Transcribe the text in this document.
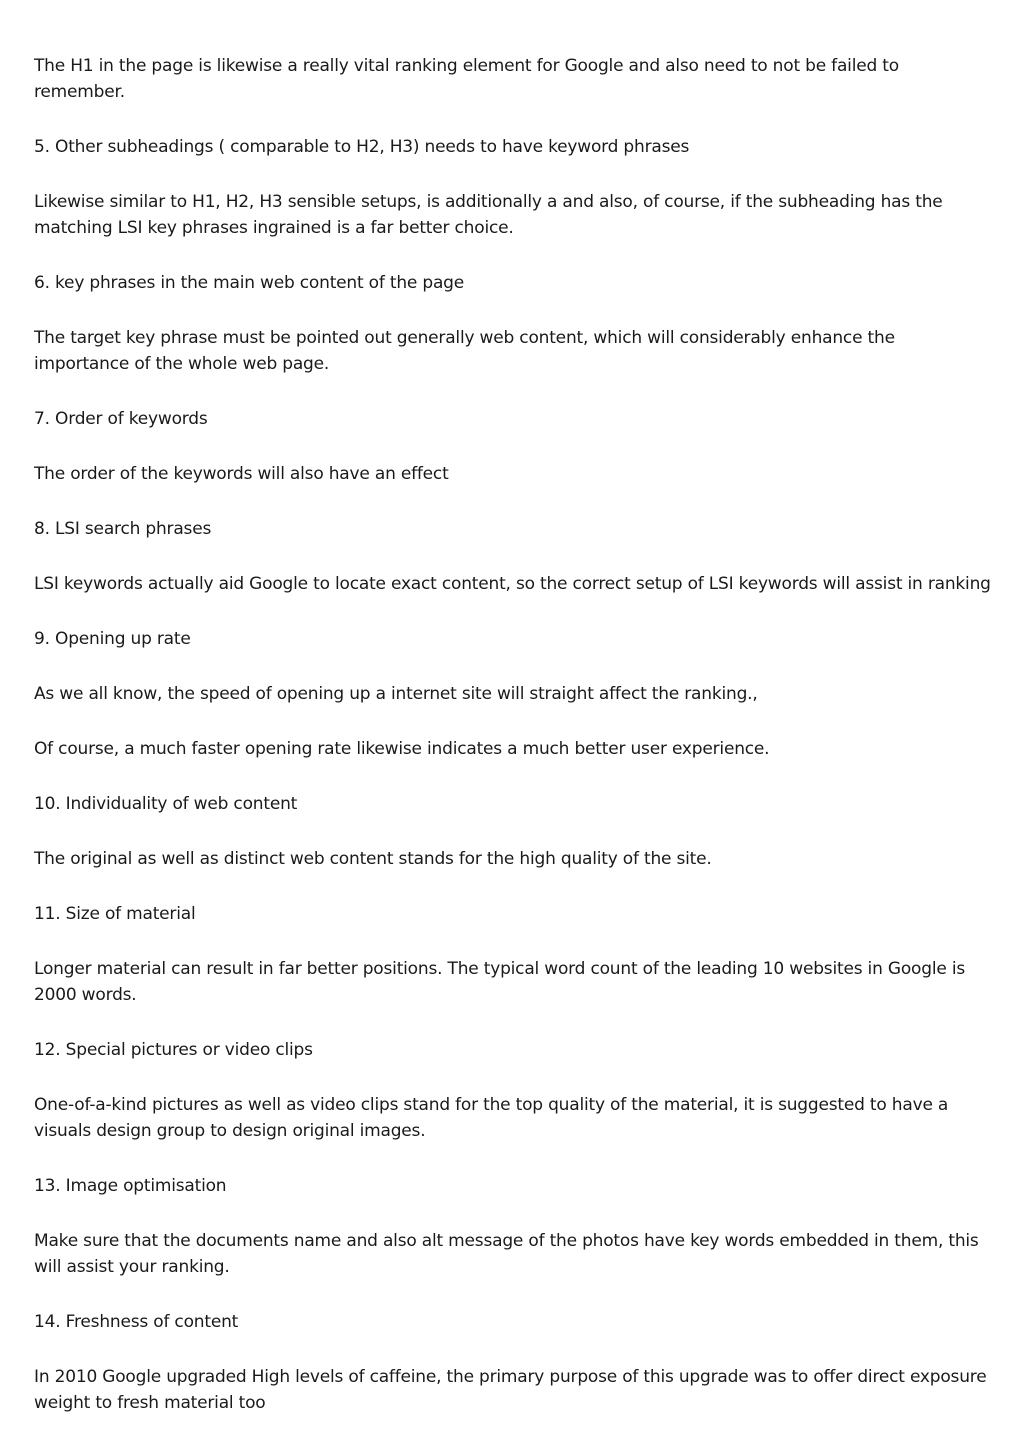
The H1 in the page is likewise a really vital ranking element for Google and also need to not be failed to remember.

5. Other subheadings ( comparable to H2, H3) needs to have keyword phrases

Likewise similar to H1, H2, H3 sensible setups, is additionally a and also, of course, if the subheading has the matching LSI key phrases ingrained is a far better choice.

6. key phrases in the main web content of the page

The target key phrase must be pointed out generally web content, which will considerably enhance the importance of the whole web page.

7. Order of keywords

The order of the keywords will also have an effect

8. LSI search phrases

LSI keywords actually aid Google to locate exact content, so the correct setup of LSI keywords will assist in ranking

9. Opening up rate

As we all know, the speed of opening up a internet site will straight affect the ranking.,

Of course, a much faster opening rate likewise indicates a much better user experience.

10. Individuality of web content

The original as well as distinct web content stands for the high quality of the site.

11. Size of material

Longer material can result in far better positions. The typical word count of the leading 10 websites in Google is 2000 words.

12. Special pictures or video clips

One-of-a-kind pictures as well as video clips stand for the top quality of the material, it is suggested to have a visuals design group to design original images.

13. Image optimisation

Make sure that the documents name and also alt message of the photos have key words embedded in them, this will assist your ranking.

14. Freshness of content

In 2010 Google upgraded High levels of caffeine, the primary purpose of this upgrade was to offer direct exposure weight to fresh material too
